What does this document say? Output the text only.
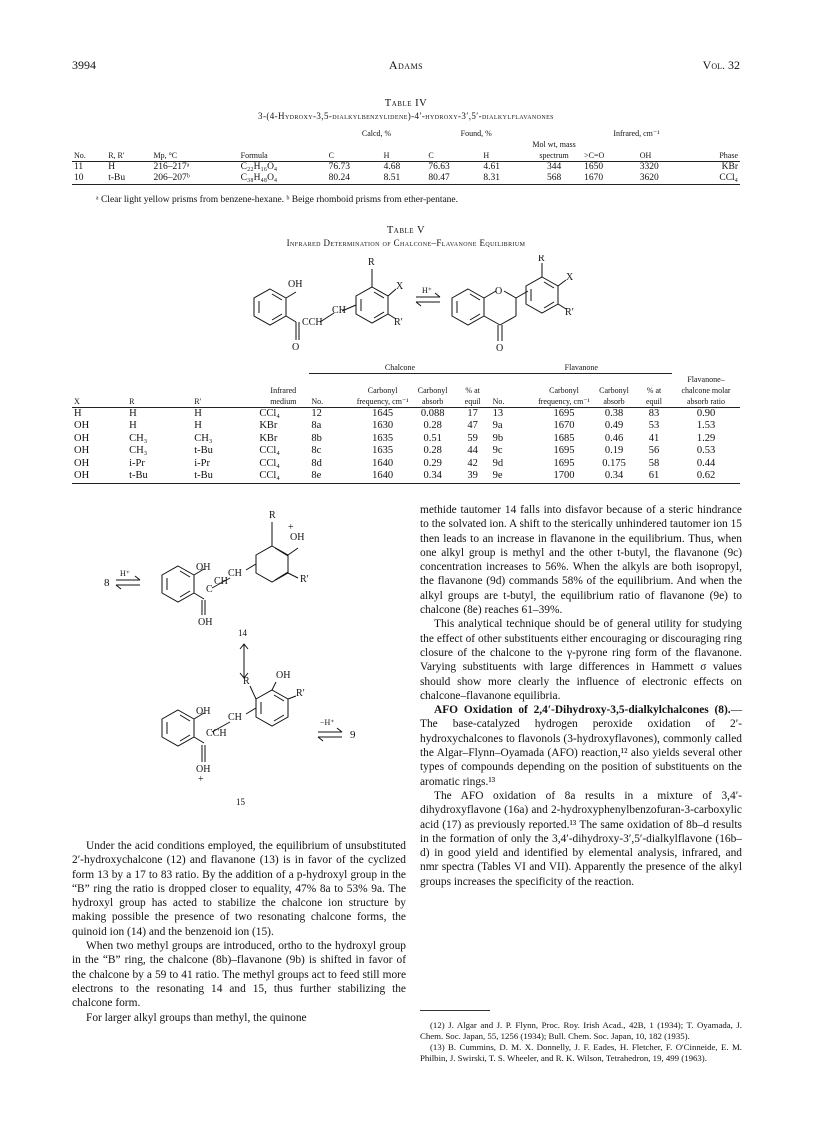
3994	Adams	Vol. 32
Table IV
3-(4-Hydroxy-3,5-dialkylbenzylidene)-4′-hydroxy-3′,5′-dialkylflavanones
				Calcd, %		Found, %			Infrared, cm⁻¹		
No.	R, R′	Mp, °C	Formula	C	H	C	H	Mol wt, mass spectrum	>C=O	OH	Phase
11	H	216–217ᵃ	C₂₂H₁₆O₄	76.73	4.68	76.63	4.61	344	1650	3320	KBr
10	t-Bu	206–207ᵇ	C₃₈H₄₈O₄	80.24	8.51	80.47	8.31	568	1670	3620	CCl₄
ᵃ Clear light yellow prisms from benzene-hexane. ᵇ Beige rhomboid prisms from ether-pentane.
Table V
Infrared Determination of Chalcone–Flavanone Equilibrium
OH
O
CCH
CH
R
X
R′
H⁺	O
O
R
X
R′
				Chalcone				Flavanone				
X	R	R′	Infrared medium	No.	Carbonyl frequency, cm⁻¹	Carbonyl absorb	% at equil	No.	Carbonyl frequency, cm⁻¹	Carbonyl absorb	% at equil	Flavanone–chalcone molar absorb ratio
H	H	H	CCl₄	12	1645	0.088	17	13	1695	0.38	83	0.90
OH	H	H	KBr	8a	1630	0.28	47	9a	1670	0.49	53	1.53
OH	CH₃	CH₃	KBr	8b	1635	0.51	59	9b	1685	0.46	41	1.29
OH	CH₃	t-Bu	CCl₄	8c	1635	0.28	44	9c	1695	0.19	56	0.53
OH	i-Pr	i-Pr	CCl₄	8d	1640	0.29	42	9d	1695	0.175	58	0.44
OH	t-Bu	t-Bu	CCl₄	8e	1640	0.34	39	9e	1700	0.34	61	0.62
8
H⁺
OH
OH
C
CH
CH
R
+
OH
R′
14
OH
OH
+
CCH
CH
R
OH
R′
−H⁺
9
15

methide tautomer 14 falls into disfavor because of a steric hindrance to the solvated ion. A shift to the sterically unhindered tautomer ion 15 then leads to an increase in flavanone in the equilibrium. Thus, when one alkyl group is methyl and the other t-butyl, the flavanone (9c) concentration increases to 56%. When the alkyls are both isopropyl, the flavanone (9d) commands 58% of the equilibrium. And when the alkyl groups are t-butyl, the equilibrium ratio of flavanone (9e) to chalcone (8e) reaches 61–39%.

This analytical technique should be of general utility for studying the effect of other substituents either encouraging or discouraging ring closure of the chalcone to the γ-pyrone ring form of the flavanone. Varying substituents with large differences in Hammett σ values should show more clearly the influence of electronic effects on chalcone–flavanone equilibria.

AFO Oxidation of 2,4′-Dihydroxy-3,5-dialkylchalcones (8).—The base-catalyzed hydrogen peroxide oxidation of 2′-hydroxychalcones to flavonols (3-hydroxyflavones), commonly called the Algar–Flynn–Oyamada (AFO) reaction,¹² also yields several other types of compounds depending on the position of substituents on the aromatic rings.¹³

The AFO oxidation of 8a results in a mixture of 3,4′-dihydroxyflavone (16a) and 2-hydroxyphenylbenzofuran-3-carboxylic acid (17) as previously reported.¹³ The same oxidation of 8b–d results in the formation of only the 3,4′-dihydroxy-3′,5′-dialkylflavone (16b–d) in good yield and identified by elemental analysis, infrared, and nmr spectra (Tables VI and VII). Apparently the presence of the alkyl groups increases the specificity of the reaction.

Under the acid conditions employed, the equilibrium of unsubstituted 2′-hydroxychalcone (12) and flavanone (13) is in favor of the cyclized form 13 by a 17 to 83 ratio. By the addition of a p-hydroxyl group in the “B” ring the ratio is dropped closer to equality, 47% 8a to 53% 9a. The hydroxyl group has acted to stabilize the chalcone ion structure by making possible the presence of two resonating chalcone forms, the quinoid ion (14) and the benzenoid ion (15).

When two methyl groups are introduced, ortho to the hydroxyl group in the “B” ring, the chalcone (8b)–flavanone (9b) is shifted in favor of the chalcone by a 59 to 41 ratio. The methyl groups act to feed still more electrons to the resonating 14 and 15, thus further stabilizing the chalcone form.

For larger alkyl groups than methyl, the quinone

(12) J. Algar and J. P. Flynn, Proc. Roy. Irish Acad., 42B, 1 (1934); T. Oyamada, J. Chem. Soc. Japan, 55, 1256 (1934); Bull. Chem. Soc. Japan, 10, 182 (1935).

(13) B. Cummins, D. M. X. Donnelly, J. F. Eades, H. Fletcher, F. O'Cinneide, E. M. Philbin, J. Swirski, T. S. Wheeler, and R. K. Wilson, Tetrahedron, 19, 499 (1963).
